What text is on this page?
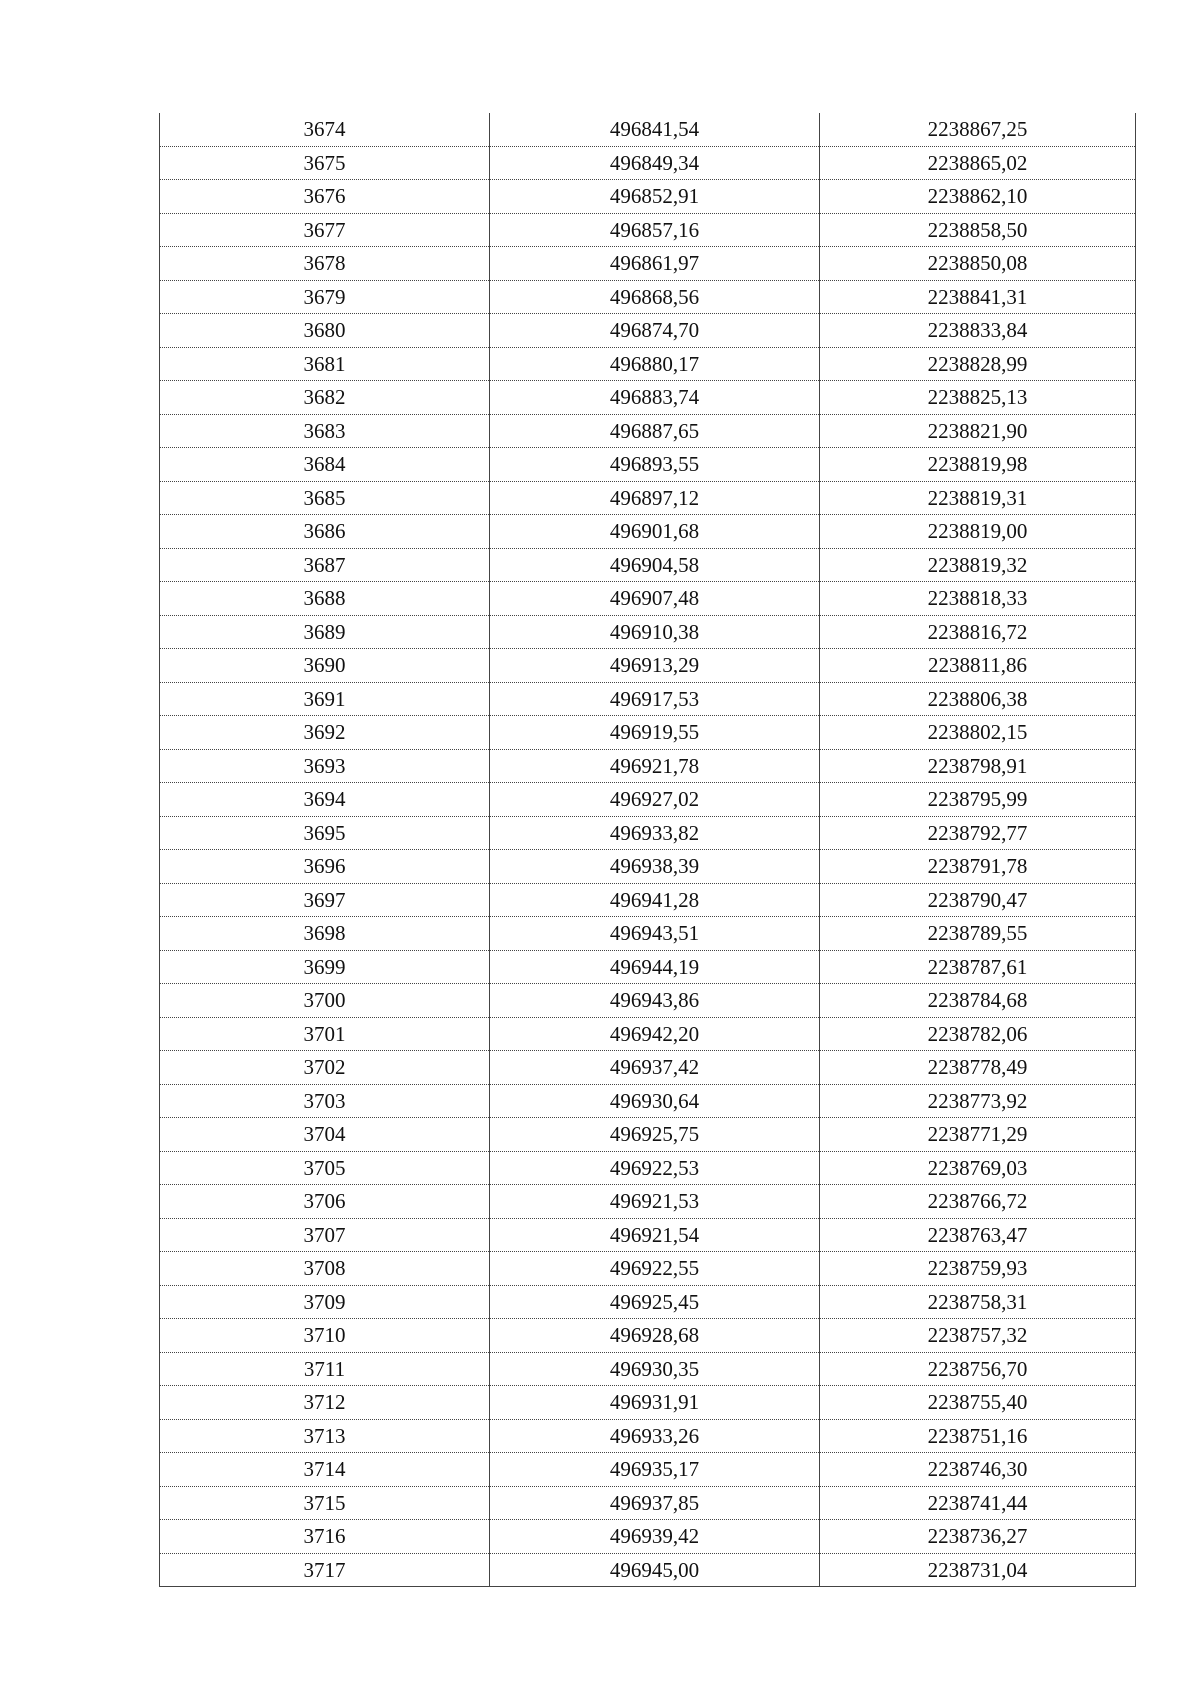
3674	496841,54	2238867,25
3675	496849,34	2238865,02
3676	496852,91	2238862,10
3677	496857,16	2238858,50
3678	496861,97	2238850,08
3679	496868,56	2238841,31
3680	496874,70	2238833,84
3681	496880,17	2238828,99
3682	496883,74	2238825,13
3683	496887,65	2238821,90
3684	496893,55	2238819,98
3685	496897,12	2238819,31
3686	496901,68	2238819,00
3687	496904,58	2238819,32
3688	496907,48	2238818,33
3689	496910,38	2238816,72
3690	496913,29	2238811,86
3691	496917,53	2238806,38
3692	496919,55	2238802,15
3693	496921,78	2238798,91
3694	496927,02	2238795,99
3695	496933,82	2238792,77
3696	496938,39	2238791,78
3697	496941,28	2238790,47
3698	496943,51	2238789,55
3699	496944,19	2238787,61
3700	496943,86	2238784,68
3701	496942,20	2238782,06
3702	496937,42	2238778,49
3703	496930,64	2238773,92
3704	496925,75	2238771,29
3705	496922,53	2238769,03
3706	496921,53	2238766,72
3707	496921,54	2238763,47
3708	496922,55	2238759,93
3709	496925,45	2238758,31
3710	496928,68	2238757,32
3711	496930,35	2238756,70
3712	496931,91	2238755,40
3713	496933,26	2238751,16
3714	496935,17	2238746,30
3715	496937,85	2238741,44
3716	496939,42	2238736,27
3717	496945,00	2238731,04
